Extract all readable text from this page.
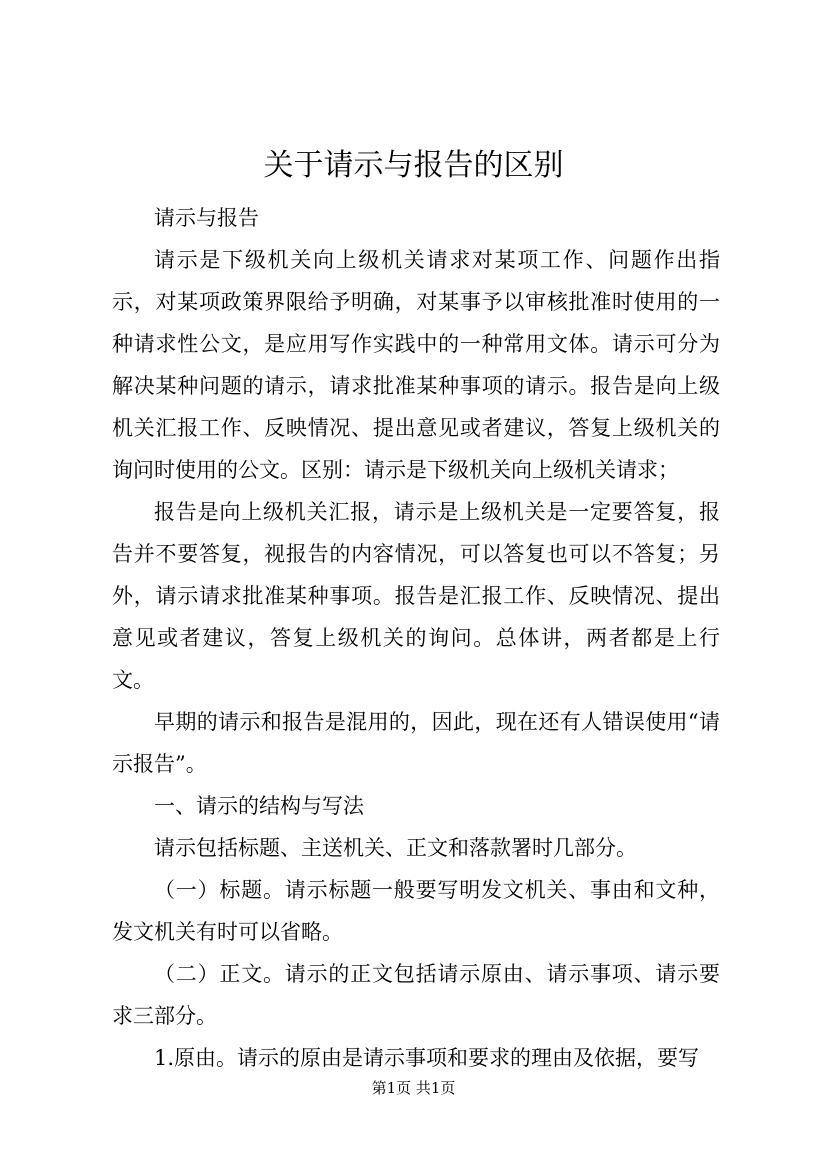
关于请示与报告的区别

请示与报告

请示是下级机关向上级机关请求对某项工作、问题作出指示，对某项政策界限给予明确，对某事予以审核批准时使用的一种请求性公文，是应用写作实践中的一种常用文体。请示可分为解决某种问题的请示，请求批准某种事项的请示。报告是向上级机关汇报工作、反映情况、提出意见或者建议，答复上级机关的询问时使用的公文。区别：请示是下级机关向上级机关请求；

报告是向上级机关汇报，请示是上级机关是一定要答复，报告并不要答复，视报告的内容情况，可以答复也可以不答复；另外，请示请求批准某种事项。报告是汇报工作、反映情况、提出意见或者建议，答复上级机关的询问。总体讲，两者都是上行文。

早期的请示和报告是混用的，因此，现在还有人错误使用“请示报告”。

一、请示的结构与写法

请示包括标题、主送机关、正文和落款署时几部分。

（一）标题。请示标题一般要写明发文机关、事由和文种，发文机关有时可以省略。

（二）正文。请示的正文包括请示原由、请示事项、请示要求三部分。

1.原由。请示的原由是请示事项和要求的理由及依据，要写

第1页 共1页
